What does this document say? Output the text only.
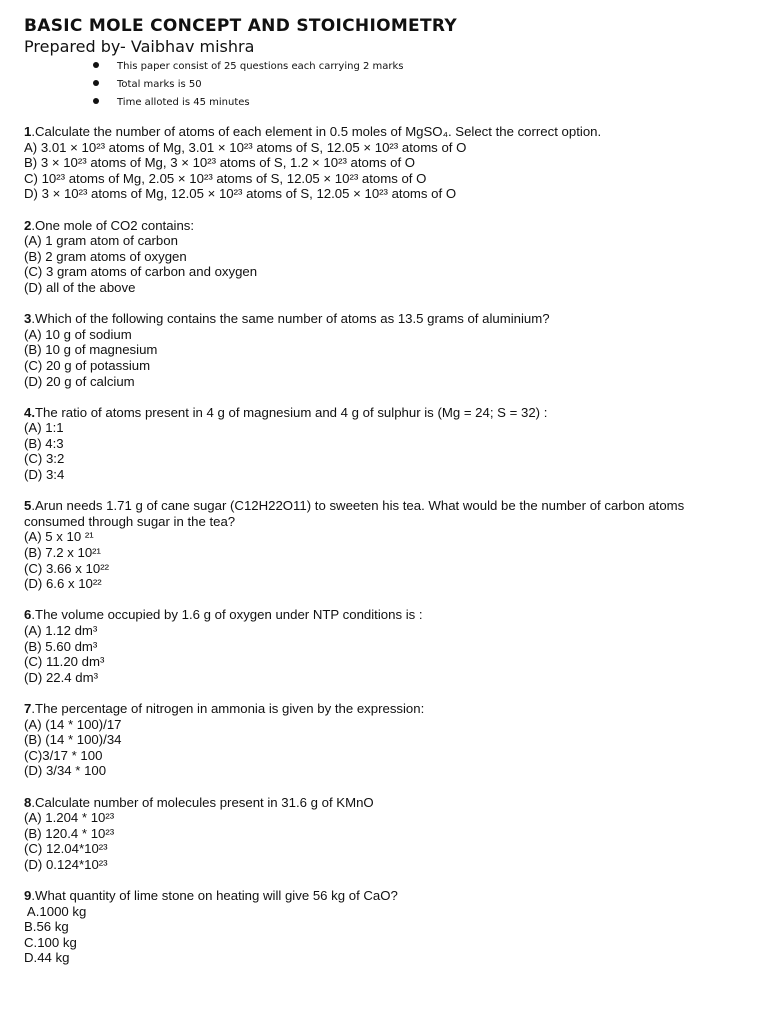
BASIC MOLE CONCEPT AND STOICHIOMETRY
Prepared by- Vaibhav mishra
This paper consist of 25 questions each carrying 2 marks
Total marks is 50
Time alloted is 45 minutes
1.Calculate the number of atoms of each element in 0.5 moles of MgSO₄. Select the correct option.
A) 3.01 × 10²³ atoms of Mg, 3.01 × 10²³ atoms of S, 12.05 × 10²³ atoms of O
B) 3 × 10²³ atoms of Mg, 3 × 10²³ atoms of S, 1.2 × 10²³ atoms of O
C) 10²³ atoms of Mg, 2.05 × 10²³ atoms of S, 12.05 × 10²³ atoms of O
D) 3 × 10²³ atoms of Mg, 12.05 × 10²³ atoms of S, 12.05 × 10²³ atoms of O
2.One mole of CO2 contains:
(A) 1 gram atom of carbon
(B) 2 gram atoms of oxygen
(C) 3 gram atoms of carbon and oxygen
(D) all of the above
3.Which of the following contains the same number of atoms as 13.5 grams of aluminium?
(A) 10 g of sodium
(B) 10 g of magnesium
(C) 20 g of potassium
(D) 20 g of calcium
4.The ratio of atoms present in 4 g of magnesium and 4 g of sulphur is (Mg = 24; S = 32) :
(A) 1:1
(B) 4:3
(C) 3:2
(D) 3:4
5.Arun needs 1.71 g of cane sugar (C12H22O11) to sweeten his tea. What would be the number of carbon atoms consumed through sugar in the tea?
(A) 5 x 10 ²¹
(B) 7.2 x 10²¹
(C) 3.66 x 10²²
(D) 6.6 x 10²²
6.The volume occupied by 1.6 g of oxygen under NTP conditions is :
(A) 1.12 dm³
(B) 5.60 dm³
(C) 11.20 dm³
(D) 22.4 dm³
7.The percentage of nitrogen in ammonia is given by the expression:
(A) (14 * 100)/17
(B) (14 * 100)/34
(C)3/17 * 100
(D) 3/34 * 100
8.Calculate number of molecules present in 31.6 g of KMnO
(A) 1.204 * 10²³
(B) 120.4 * 10²³
(C) 12.04*10²³
(D) 0.124*10²³
9.What quantity of lime stone on heating will give 56 kg of CaO?
A.1000 kg
B.56 kg
C.100 kg
D.44 kg
